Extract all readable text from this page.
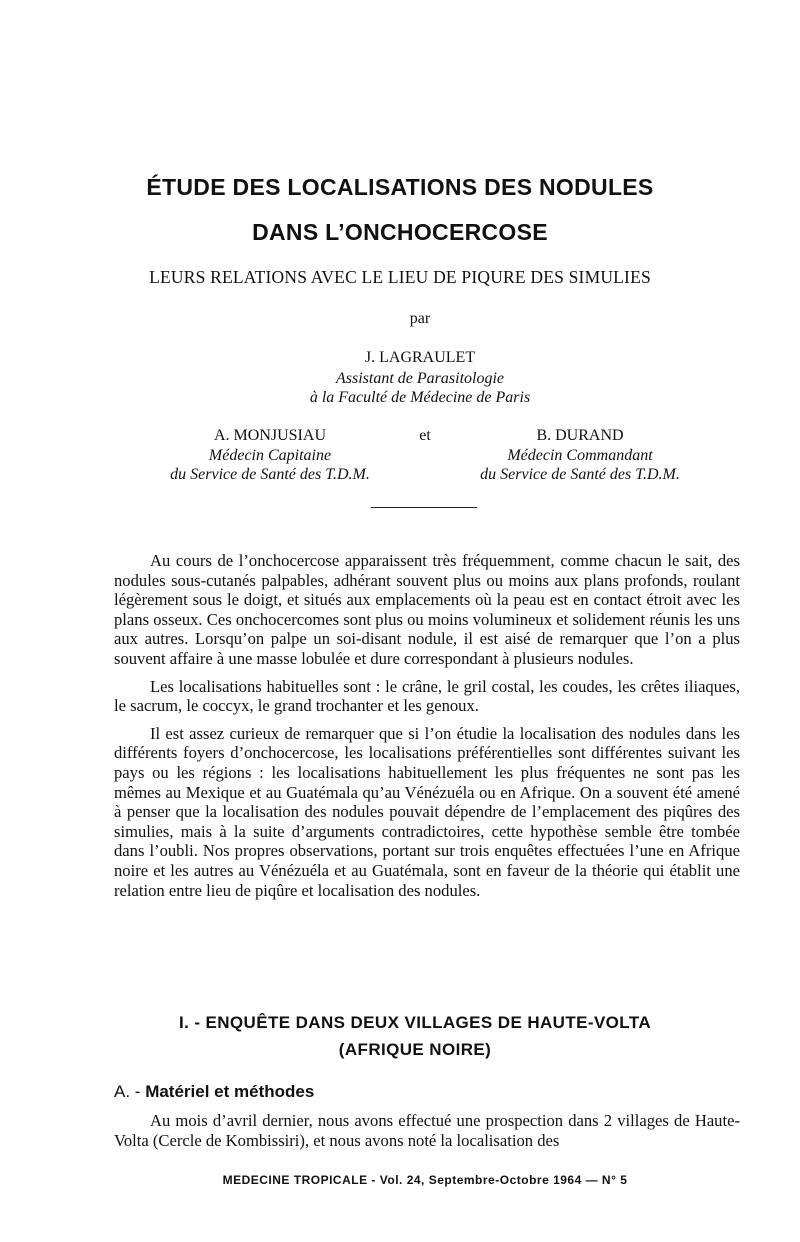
ÉTUDE DES LOCALISATIONS DES NODULES
DANS L’ONCHOCERCOSE
LEURS RELATIONS AVEC LE LIEU DE PIQURE DES SIMULIES
par
J. LAGRAULET
Assistant de Parasitologie
à la Faculté de Médecine de Paris
A. MONJUSIAU
Médecin Capitaine
du Service de Santé des T.D.M.
et	B. DURAND
Médecin Commandant
du Service de Santé des T.D.M.

Au cours de l’onchocercose apparaissent très fréquemment, comme chacun le sait, des nodules sous-cutanés palpables, adhérant souvent plus ou moins aux plans profonds, roulant légèrement sous le doigt, et situés aux emplacements où la peau est en contact étroit avec les plans osseux. Ces onchocercomes sont plus ou moins volumineux et solidement réunis les uns aux autres. Lorsqu’on palpe un soi-disant nodule, il est aisé de remarquer que l’on a plus souvent affaire à une masse lobulée et dure correspondant à plusieurs nodules.

Les localisations habituelles sont : le crâne, le gril costal, les coudes, les crêtes iliaques, le sacrum, le coccyx, le grand trochanter et les genoux.

Il est assez curieux de remarquer que si l’on étudie la localisation des nodules dans les différents foyers d’onchocercose, les localisations préférentielles sont différentes suivant les pays ou les régions : les localisations habituellement les plus fréquentes ne sont pas les mêmes au Mexique et au Guatémala qu’au Vénézuéla ou en Afrique. On a souvent été amené à penser que la localisation des nodules pouvait dépendre de l’emplacement des piqûres des simulies, mais à la suite d’arguments contradictoires, cette hypothèse semble être tombée dans l’oubli. Nos propres observations, portant sur trois enquêtes effectuées l’une en Afrique noire et les autres au Vénézuéla et au Guatémala, sont en faveur de la théorie qui établit une relation entre lieu de piqûre et localisation des nodules.

I. - ENQUÊTE DANS DEUX VILLAGES DE HAUTE-VOLTA
(AFRIQUE NOIRE)
A. - Matériel et méthodes

Au mois d’avril dernier, nous avons effectué une prospection dans 2 villages de Haute-Volta (Cercle de Kombissiri), et nous avons noté la localisation des

MEDECINE TROPICALE - Vol. 24, Septembre-Octobre 1964 — N° 5
